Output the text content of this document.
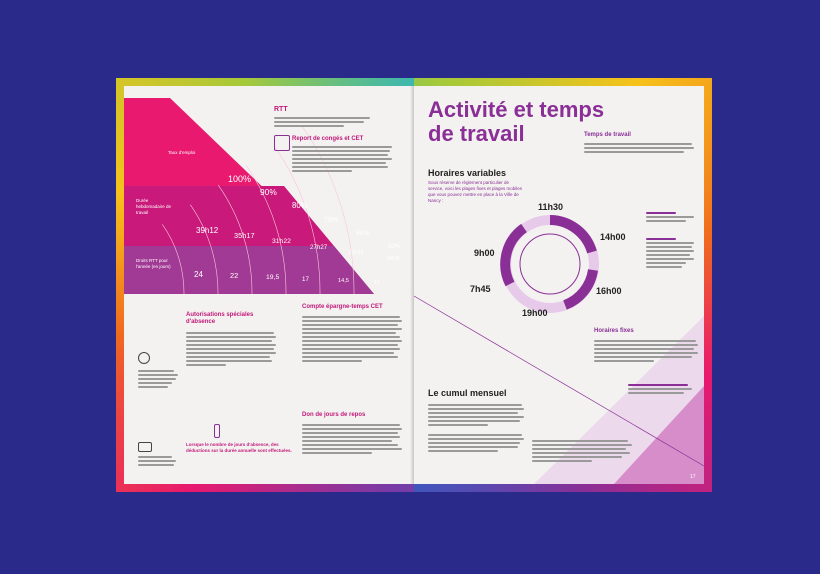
Taux d'emploi
Durée hebdomadaire de travail
Droits RTT pour l'année (en jours)
RTT
Report de congés et CET
Autorisations spéciales d'absence
Lorsque le nombre de jours d'absence, des déductions sur la durée annuelle sont effectuées.
Compte épargne-temps CET
Don de jours de repos
100%
90%
80%
70%
60%
50%
39h12
35h17
31h22
27h27
23h31
19h36
24	22	19,5	17	14,5	12
Activité et temps
de travail	Temps de travail
Horaires variables
Sous réserve de règlement particulier de service, voici les plages fixes et plages mobiles que vous pouvez mettre en place à la Ville de Nancy :
11h30
14h00
16h00
9h00
7h45
19h00
Horaires fixes
Le cumul mensuel
17
